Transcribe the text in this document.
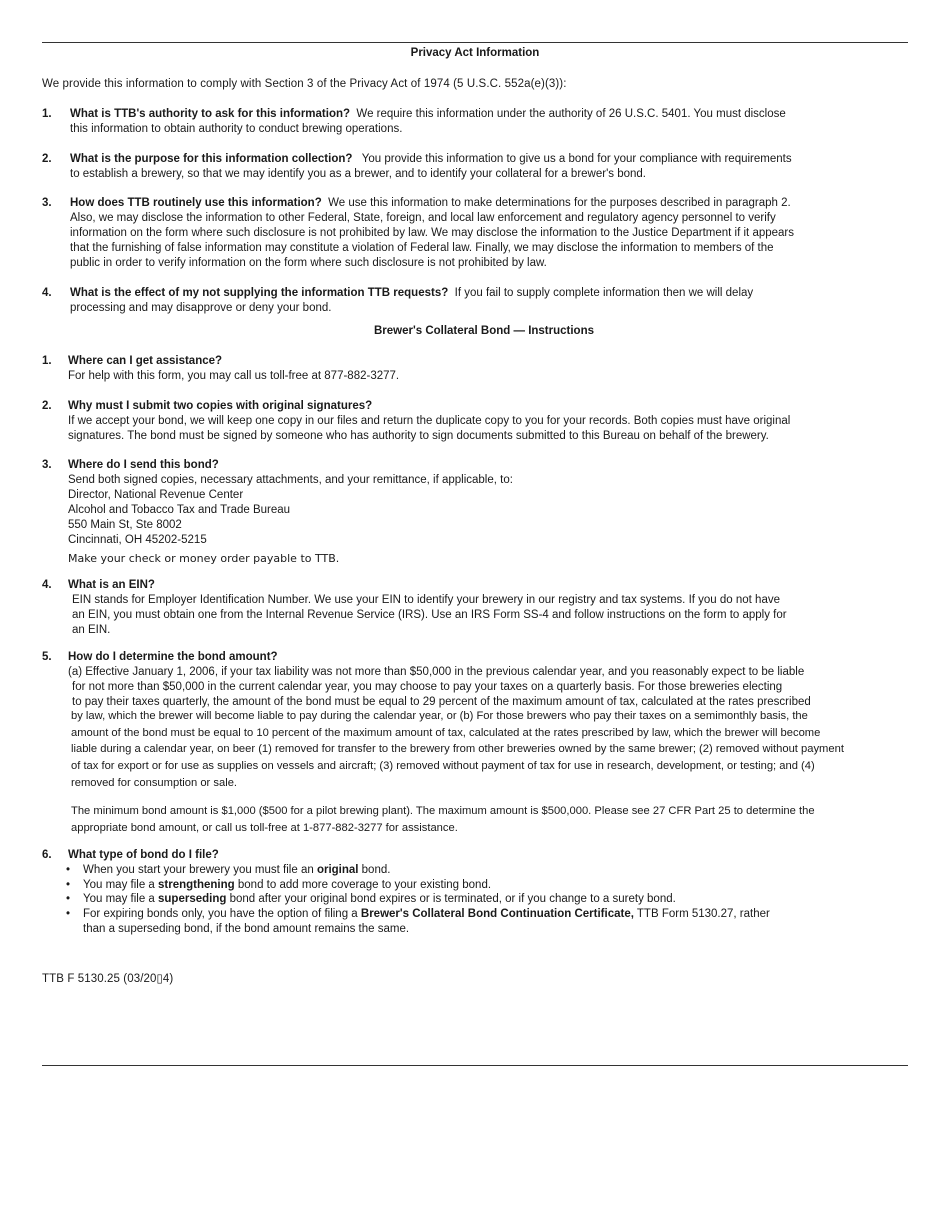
Privacy Act Information
We provide this information to comply with Section 3 of the Privacy Act of 1974 (5 U.S.C. 552a(e)(3)):
1. What is TTB's authority to ask for this information? We require this information under the authority of 26 U.S.C. 5401. You must disclose
this information to obtain authority to conduct brewing operations.
2. What is the purpose for this information collection? You provide this information to give us a bond for your compliance with requirements
to establish a brewery, so that we may identify you as a brewer, and to identify your collateral for a brewer's bond.
3. How does TTB routinely use this information? We use this information to make determinations for the purposes described in paragraph 2.
Also, we may disclose the information to other Federal, State, foreign, and local law enforcement and regulatory agency personnel to verify
information on the form where such disclosure is not prohibited by law. We may disclose the information to the Justice Department if it appears
that the furnishing of false information may constitute a violation of Federal law. Finally, we may disclose the information to members of the
public in order to verify information on the form where such disclosure is not prohibited by law.
4. What is the effect of my not supplying the information TTB requests? If you fail to supply complete information then we will delay
processing and may disapprove or deny your bond.
Brewer's Collateral Bond — Instructions
1. Where can I get assistance?
For help with this form, you may call us toll-free at 877-882-3277.
2. Why must I submit two copies with original signatures?
If we accept your bond, we will keep one copy in our files and return the duplicate copy to you for your records. Both copies must have original
signatures. The bond must be signed by someone who has authority to sign documents submitted to this Bureau on behalf of the brewery.
3. Where do I send this bond?
Send both signed copies, necessary attachments, and your remittance, if applicable, to:
Director, National Revenue Center
Alcohol and Tobacco Tax and Trade Bureau
550 Main St, Ste 8002
Cincinnati, OH 45202-5215
Make your check or money order payable to TTB.
4. What is an EIN?
EIN stands for Employer Identification Number. We use your EIN to identify your brewery in our registry and tax systems. If you do not have
an EIN, you must obtain one from the Internal Revenue Service (IRS). Use an IRS Form SS-4 and follow instructions on the form to apply for
an EIN.
5. How do I determine the bond amount?
(a) Effective January 1, 2006, if your tax liability was not more than $50,000 in the previous calendar year, and you reasonably expect to be liable
for not more than $50,000 in the current calendar year, you may choose to pay your taxes on a quarterly basis. For those breweries electing
to pay their taxes quarterly, the amount of the bond must be equal to 29 percent of the maximum amount of tax, calculated at the rates prescribed
by law, which the brewer will become liable to pay during the calendar year, or (b) For those brewers who pay their taxes on a semimonthly basis, the
amount of the bond must be equal to 10 percent of the maximum amount of tax, calculated at the rates prescribed by law, which the brewer will become
liable during a calendar year, on beer (1) removed for transfer to the brewery from other breweries owned by the same brewer; (2) removed without payment
of tax for export or for use as supplies on vessels and aircraft; (3) removed without payment of tax for use in research, development, or testing; and (4)
removed for consumption or sale.
The minimum bond amount is $1,000 ($500 for a pilot brewing plant). The maximum amount is $500,000. Please see 27 CFR Part 25 to determine the
appropriate bond amount, or call us toll-free at 1-877-882-3277 for assistance.
6. What type of bond do I file?
• When you start your brewery you must file an original bond.
• You may file a strengthening bond to add more coverage to your existing bond.
• You may file a superseding bond after your original bond expires or is terminated, or if you change to a surety bond.
• For expiring bonds only, you have the option of filing a Brewer's Collateral Bond Continuation Certificate, TTB Form 5130.27, rather
than a superseding bond, if the bond amount remains the same.
TTB F 5130.25 (03/20▯4)
